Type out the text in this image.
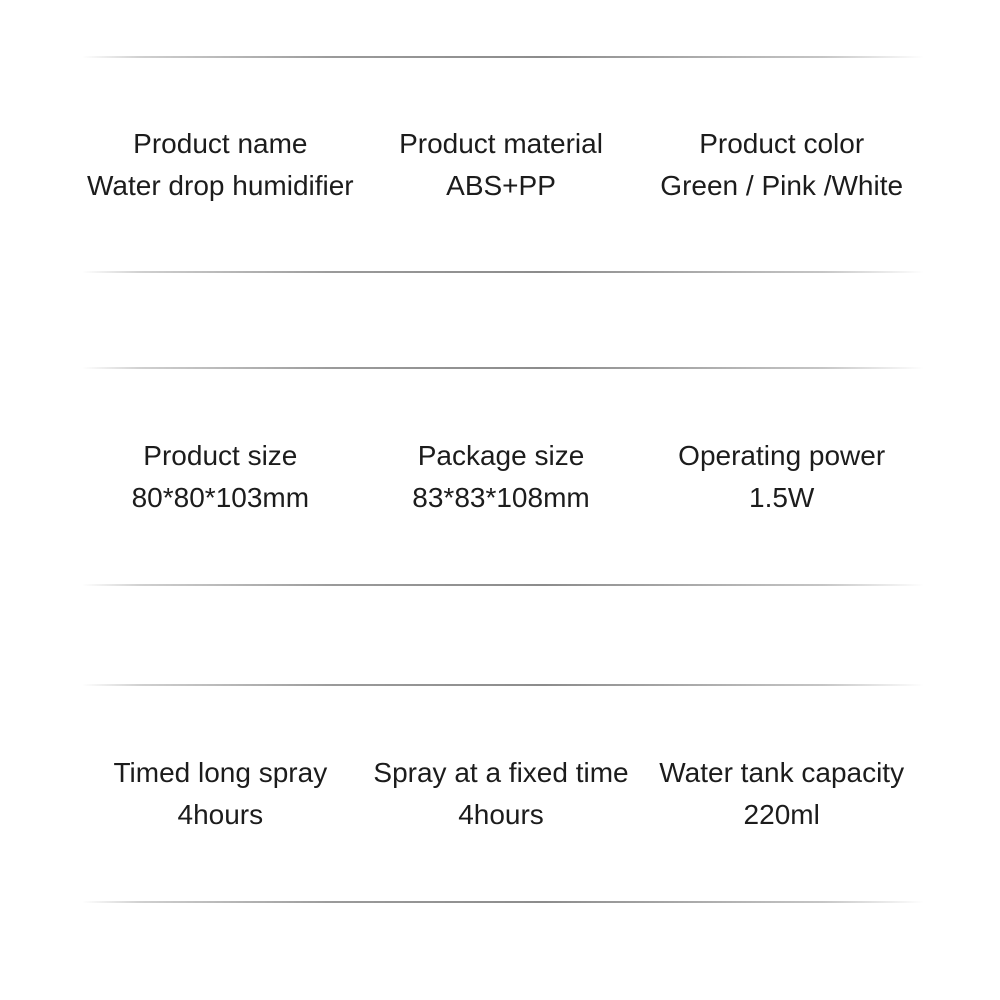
Product name
Water drop humidifier
Product material
ABS+PP
Product color
Green / Pink /White
Product size
80*80*103mm
Package size
83*83*108mm
Operating power
1.5W
Timed long spray
4hours
Spray at a fixed time
4hours
Water tank capacity
220ml
